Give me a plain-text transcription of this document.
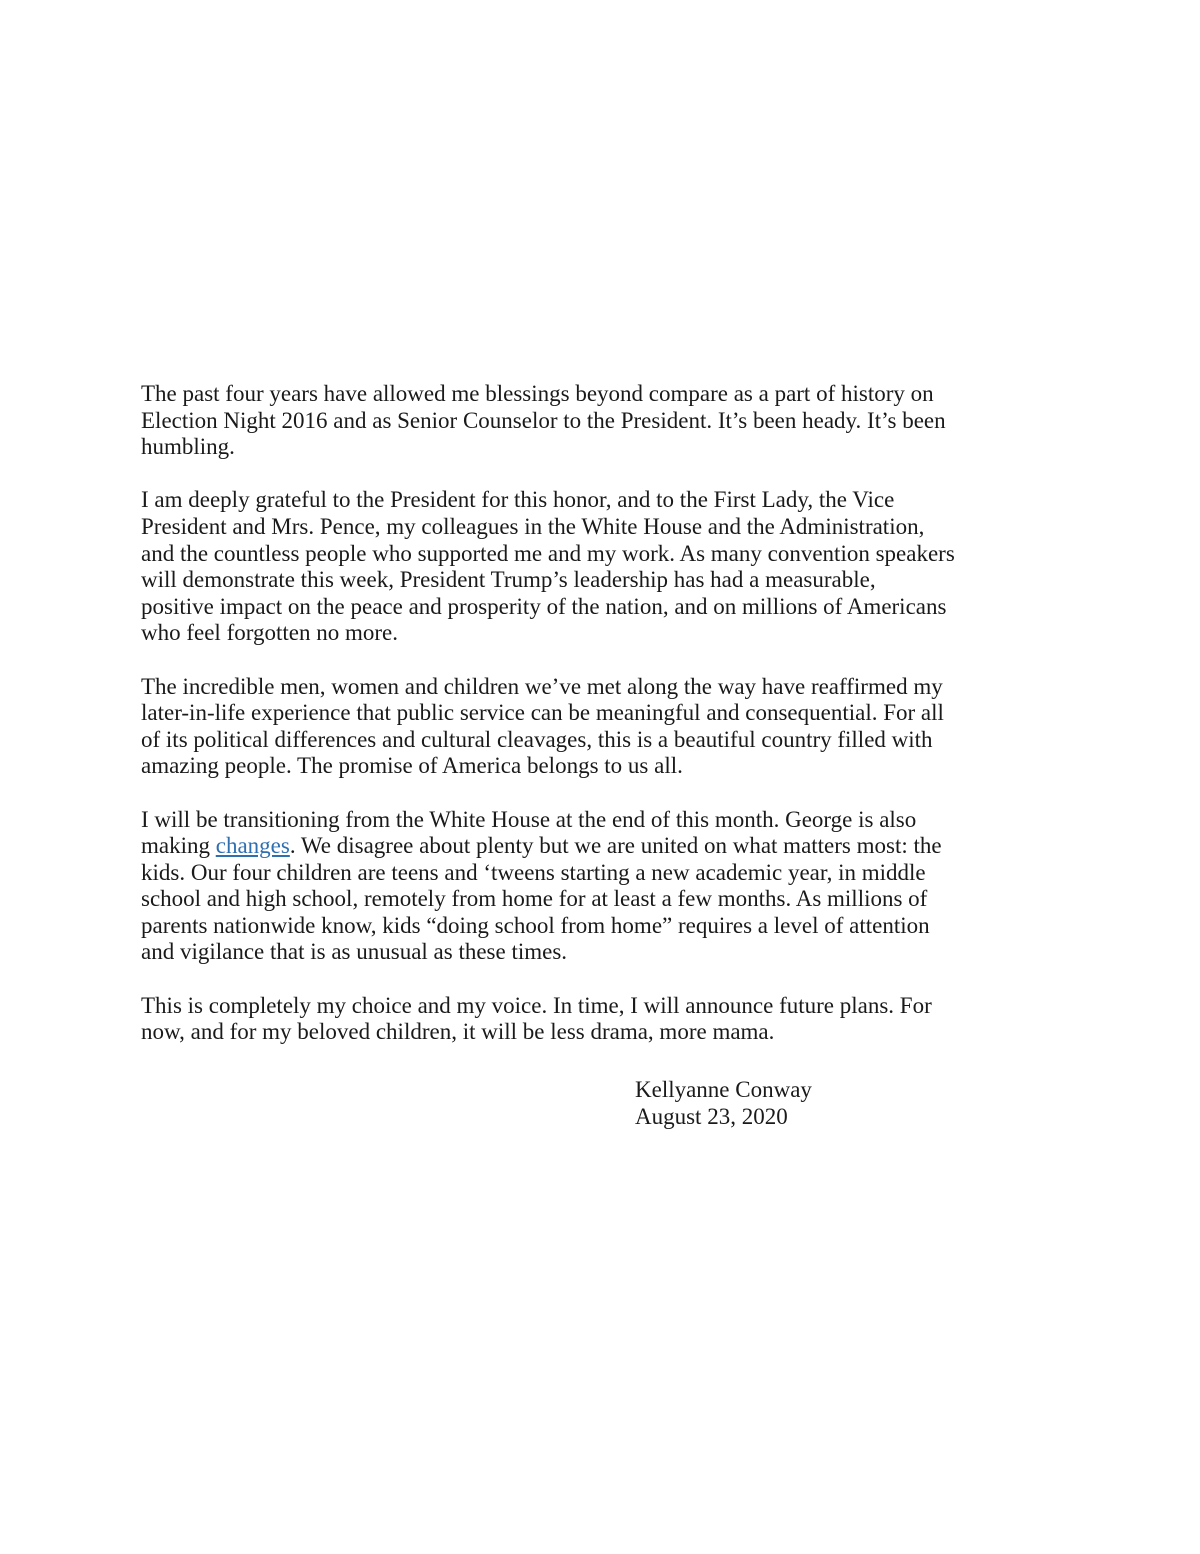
The past four years have allowed me blessings beyond compare as a part of history on
Election Night 2016 and as Senior Counselor to the President. It’s been heady. It’s been
humbling.

I am deeply grateful to the President for this honor, and to the First Lady, the Vice
President and Mrs. Pence, my colleagues in the White House and the Administration,
and the countless people who supported me and my work. As many convention speakers
will demonstrate this week, President Trump’s leadership has had a measurable,
positive impact on the peace and prosperity of the nation, and on millions of Americans
who feel forgotten no more.

The incredible men, women and children we’ve met along the way have reaffirmed my
later-in-life experience that public service can be meaningful and consequential. For all
of its political differences and cultural cleavages, this is a beautiful country filled with
amazing people. The promise of America belongs to us all.

I will be transitioning from the White House at the end of this month. George is also
making changes. We disagree about plenty but we are united on what matters most: the
kids. Our four children are teens and ‘tweens starting a new academic year, in middle
school and high school, remotely from home for at least a few months. As millions of
parents nationwide know, kids “doing school from home” requires a level of attention
and vigilance that is as unusual as these times.

This is completely my choice and my voice. In time, I will announce future plans. For
now, and for my beloved children, it will be less drama, more mama.

Kellyanne Conway
August 23, 2020
